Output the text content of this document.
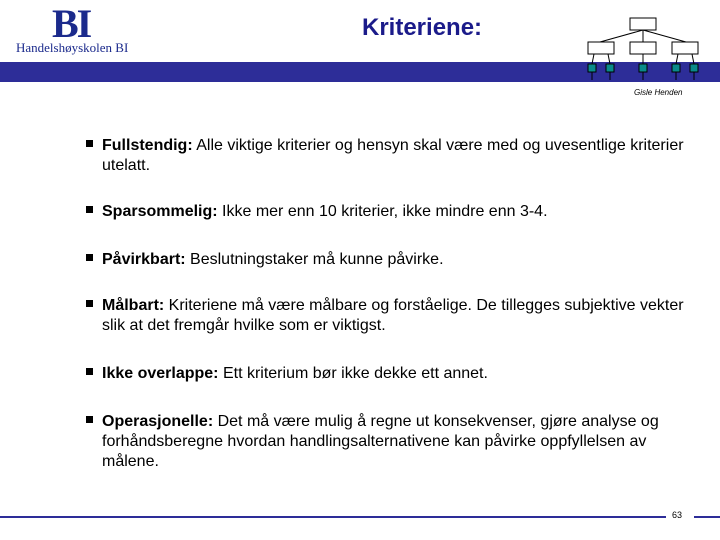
BI
Handelshøyskolen BI
Kriteriene:
Gisle Henden
Fullstendig: Alle viktige kriterier og hensyn skal være med og uvesentlige kriterier utelatt.
Sparsommelig: Ikke mer enn 10 kriterier, ikke mindre enn 3-4.
Påvirkbart: Beslutningstaker må kunne påvirke.
Målbart: Kriteriene må være målbare og forståelige. De tillegges subjektive vekter slik at det fremgår hvilke som er viktigst.
Ikke overlappe: Ett kriterium bør ikke dekke ett annet.
Operasjonelle: Det må være mulig å regne ut konsekvenser, gjøre analyse og forhåndsberegne hvordan handlingsalternativene kan påvirke oppfyllelsen av målene.
63
